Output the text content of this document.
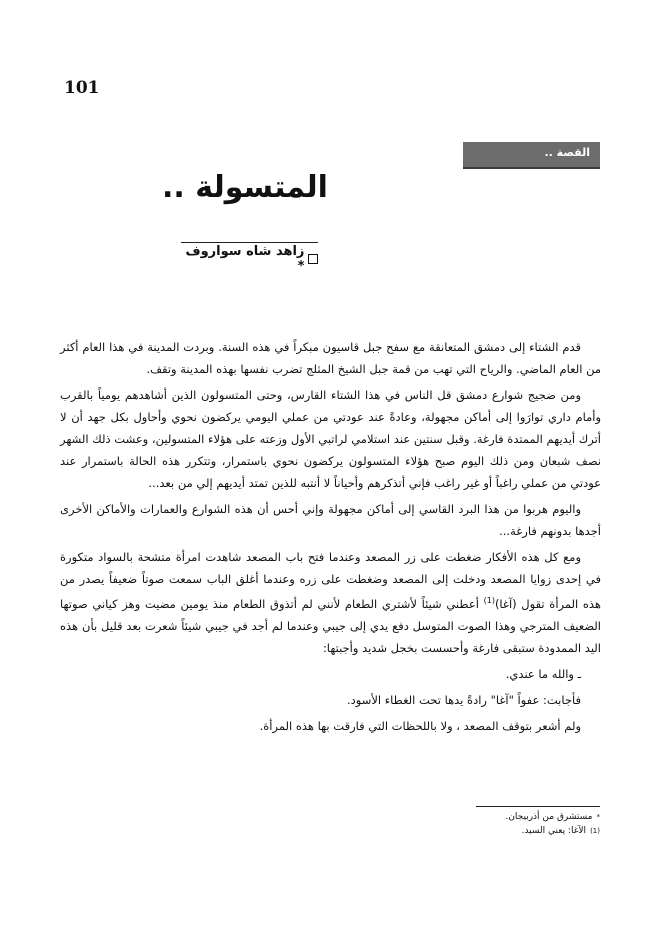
101
القصة ..
المتسولة ..
زاهد شاه سواروف *

قدم الشتاء إلى دمشق المتعانقة مع سفح جبل قاسيون مبكراً في هذه السنة. وبردت المدينة في هذا العام أكثر من العام الماضي. والرياح التي تهب من قمة جبل الشيخ المثلج تضرب نفسها بهذه المدينة وتقف.

ومن ضجيج شوارع دمشق قل الناس في هذا الشتاء القارس، وحتى المتسولون الذين أشاهدهم يومياً بالقرب وأمام داري توارَوا إلى أماكن مجهولة، وعادةً عند عودتي من عملي اليومي يركضون نحوي وأحاول بكل جهد أن لا أترك أيديهم الممتدة فارغة. وقبل سنتين عند استلامي لراتبي الأول وزعته على هؤلاء المتسولين، وعشت ذلك الشهر نصف شبعان ومن ذلك اليوم صبح هؤلاء المتسولون يركضون نحوي باستمرار، وتتكرر هذه الحالة باستمرار عند عودتي من عملي راغباً أو غير راغب فإني أتذكرهم وأحياناً لا أنتبه للذين تمتد أيديهم إلي من بعد...

واليوم هربوا من هذا البرد القاسي إلى أماكن مجهولة وإني أحس أن هذه الشوارع والعمارات والأماكن الأخرى أجدها بدونهم فارغة...

ومع كل هذه الأفكار ضغطت على زر المصعد وعندما فتح باب المصعد شاهدت امرأة متشحة بالسواد متكورة في إحدى زوايا المصعد ودخلت إلى المصعد وضغطت على زره وعندما أغلق الباب سمعت صوتاً ضعيفاً يصدر من هذه المرأة تقول (آغا)$^{(1)}$ أعطني شيئاً لأشتري الطعام لأنني لم أتذوق الطعام منذ يومين مضيت وهز كياني صوتها الضعيف المترجي وهذا الصوت المتوسل دفع يدي إلى جيبي وعندما لم أجد في جيبي شيئاً شعرت بعد قليل بأن هذه اليد الممدودة ستبقى فارغة وأحسست بخجل شديد وأجبتها:

ـ والله ما عندي.

فأجابت: عفواً "آغا" رادةً يدها تحت الغطاء الأسود.

ولم أشعر بتوقف المصعد ، ولا باللحظات التي فارقت بها هذه المرأة.

*
مستشرق من أذربيجان.
(1)
الآغا: يعني السيد.
